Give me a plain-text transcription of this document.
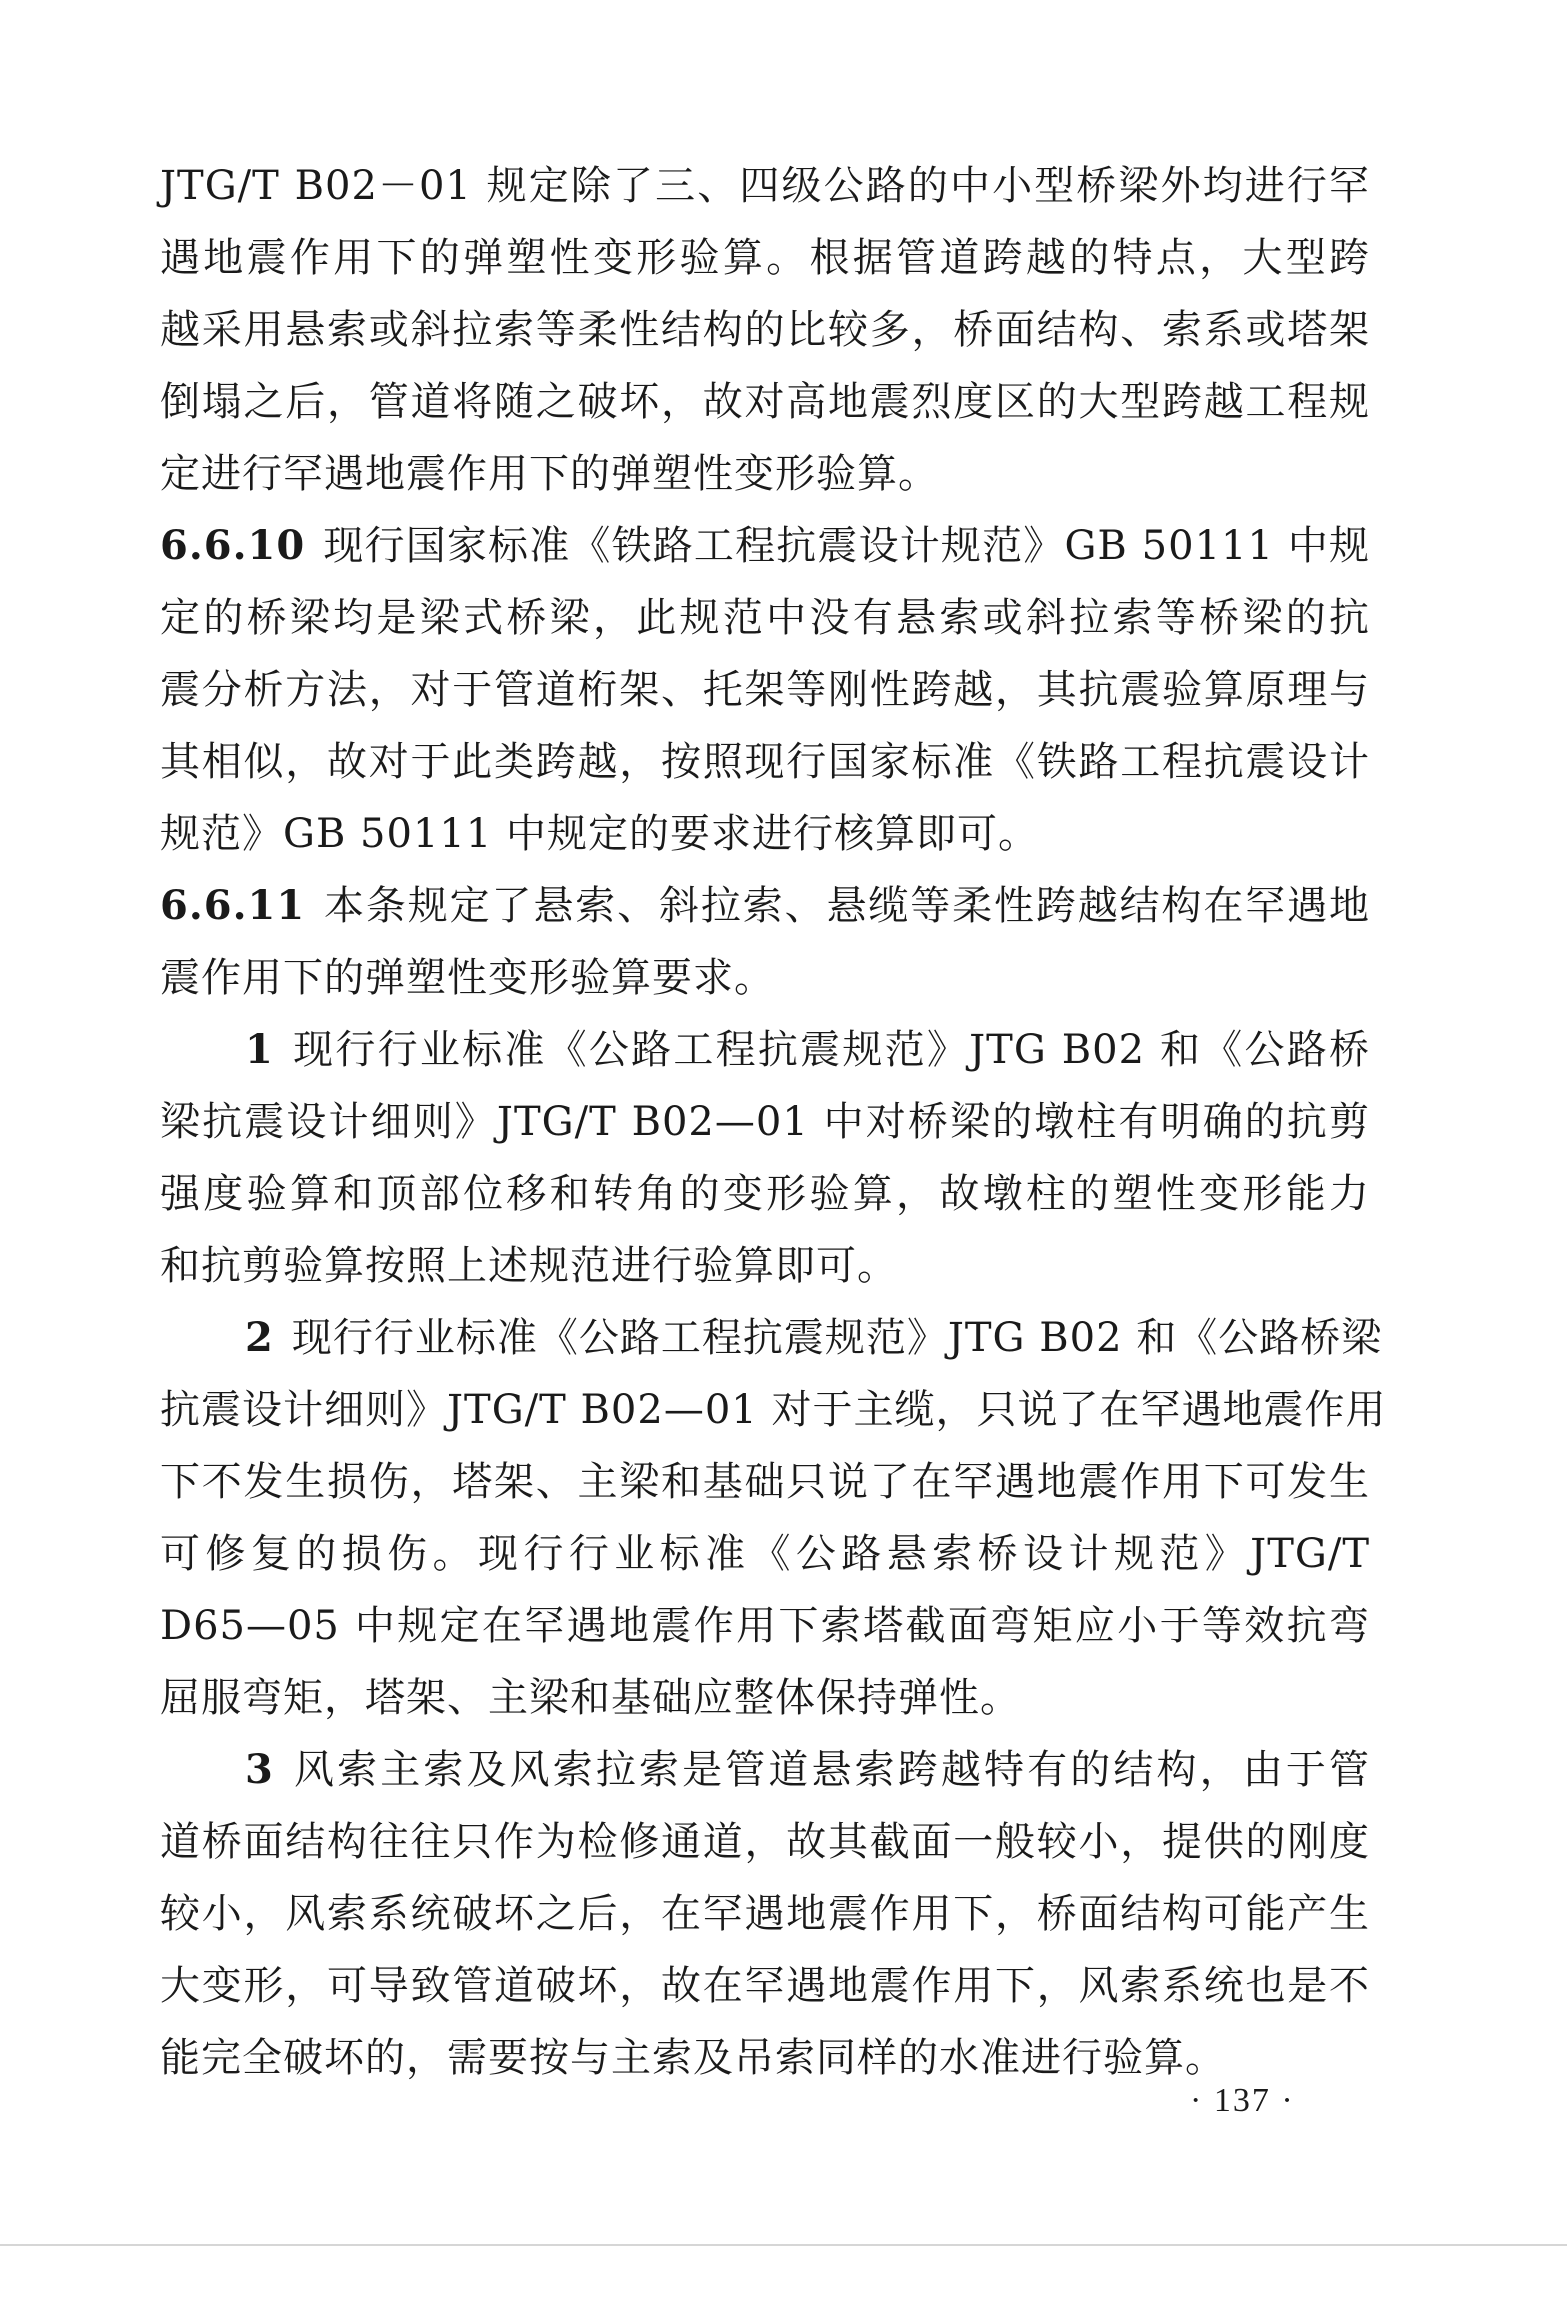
JTG/T B02－01 规定除了三、四级公路的中小型桥梁外均进行罕
遇地震作用下的弹塑性变形验算。根据管道跨越的特点，大型跨
越采用悬索或斜拉索等柔性结构的比较多，桥面结构、索系或塔架
倒塌之后，管道将随之破坏，故对高地震烈度区的大型跨越工程规
定进行罕遇地震作用下的弹塑性变形验算。
6.6.10 现行国家标准《铁路工程抗震设计规范》GB 50111 中规
定的桥梁均是梁式桥梁，此规范中没有悬索或斜拉索等桥梁的抗
震分析方法，对于管道桁架、托架等刚性跨越，其抗震验算原理与
其相似，故对于此类跨越，按照现行国家标准《铁路工程抗震设计
规范》GB 50111 中规定的要求进行核算即可。
6.6.11 本条规定了悬索、斜拉索、悬缆等柔性跨越结构在罕遇地
震作用下的弹塑性变形验算要求。
1 现行行业标准《公路工程抗震规范》JTG B02 和《公路桥
梁抗震设计细则》JTG/T B02—01 中对桥梁的墩柱有明确的抗剪
强度验算和顶部位移和转角的变形验算，故墩柱的塑性变形能力
和抗剪验算按照上述规范进行验算即可。
2 现行行业标准《公路工程抗震规范》JTG B02 和《公路桥梁
抗震设计细则》JTG/T B02—01 对于主缆，只说了在罕遇地震作用
下不发生损伤，塔架、主梁和基础只说了在罕遇地震作用下可发生
可修复的损伤。现行行业标准《公路悬索桥设计规范》JTG/T
D65—05 中规定在罕遇地震作用下索塔截面弯矩应小于等效抗弯
屈服弯矩，塔架、主梁和基础应整体保持弹性。
3 风索主索及风索拉索是管道悬索跨越特有的结构，由于管
道桥面结构往往只作为检修通道，故其截面一般较小，提供的刚度
较小，风索系统破坏之后，在罕遇地震作用下，桥面结构可能产生
大变形，可导致管道破坏，故在罕遇地震作用下，风索系统也是不
能完全破坏的，需要按与主索及吊索同样的水准进行验算。
· 137 ·
